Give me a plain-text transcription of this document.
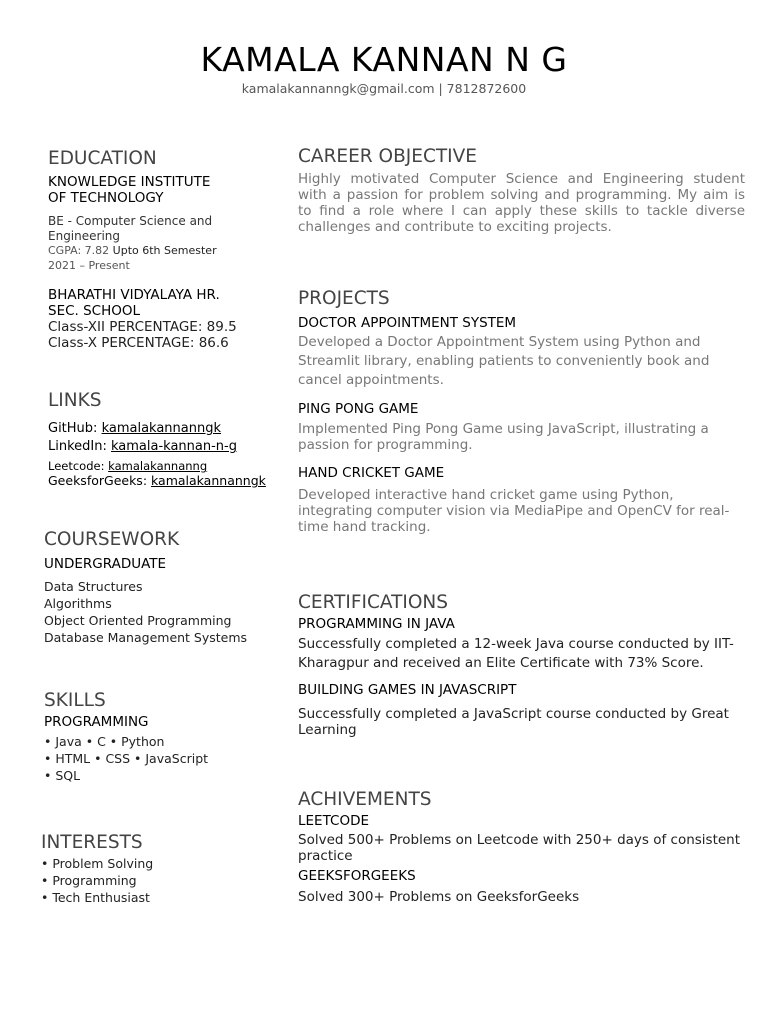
KAMALA KANNAN N G
kamalakannanngk@gmail.com | 7812872600
EDUCATION
KNOWLEDGE INSTITUTE
OF TECHNOLOGY
BE - Computer Science and
Engineering
CGPA: 7.82 Upto 6th Semester
2021 – Present
BHARATHI VIDYALAYA HR.
SEC. SCHOOL
Class-XII PERCENTAGE: 89.5
Class-X PERCENTAGE: 86.6
LINKS
GitHub: kamalakannanngk
LinkedIn: kamala-kannan-n-g
Leetcode: kamalakannanng
GeeksforGeeks: kamalakannanngk
COURSEWORK
UNDERGRADUATE
Data Structures
Algorithms
Object Oriented Programming
Database Management Systems
SKILLS
PROGRAMMING
• Java • C • Python
• HTML • CSS • JavaScript
• SQL
INTERESTS
• Problem Solving
• Programming
• Tech Enthusiast
CAREER OBJECTIVE
Highly motivated Computer Science and Engineering student with a passion for problem solving and programming. My aim is to find a role where I can apply these skills to tackle diverse challenges and contribute to exciting projects.
PROJECTS
DOCTOR APPOINTMENT SYSTEM
Developed a Doctor Appointment System using Python and Streamlit library, enabling patients to conveniently book and cancel appointments.
PING PONG GAME
Implemented Ping Pong Game using JavaScript, illustrating a passion for programming.
HAND CRICKET GAME
Developed interactive hand cricket game using Python, integrating computer vision via MediaPipe and OpenCV for real-time hand tracking.
CERTIFICATIONS
PROGRAMMING IN JAVA
Successfully completed a 12-week Java course conducted by IIT-Kharagpur and received an Elite Certificate with 73% Score.
BUILDING GAMES IN JAVASCRIPT
Successfully completed a JavaScript course conducted by Great Learning
ACHIVEMENTS
LEETCODE
Solved 500+ Problems on Leetcode with 250+ days of consistent practice
GEEKSFORGEEKS
Solved 300+ Problems on GeeksforGeeks
